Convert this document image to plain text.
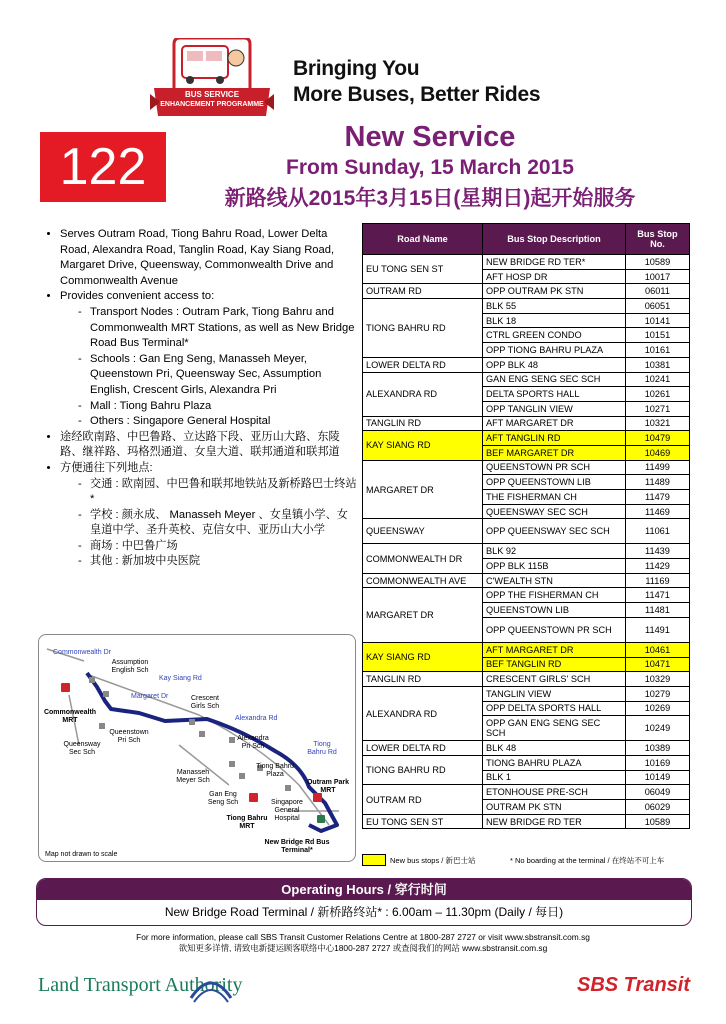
BUS SERVICE
ENHANCEMENT PROGRAMME
Bringing You
More Buses, Better Rides
122
New Service
From Sunday, 15 March 2015
新路线从2015年3月15日(星期日)起开始服务
• Serves Outram Road, Tiong Bahru Road, Lower Delta Road, Alexandra Road, Tanglin Road, Kay Siang Road, Margaret Drive, Queensway, Commonwealth Drive and Commonwealth Avenue
• Provides convenient access to:
- Transport Nodes : Outram Park, Tiong Bahru and Commonwealth MRT Stations, as well as New Bridge Road Bus Terminal*
- Schools : Gan Eng Seng, Manasseh Meyer, Queenstown Pri, Queensway Sec, Assumption English, Crescent Girls, Alexandra Pri
- Mall : Tiong Bahru Plaza
- Others : Singapore General Hospital
• 途经欧南路、中巴鲁路、立达路下段、亚历山大路、东陵路、继祥路、玛格烈通道、女皇大道、联邦通道和联邦道
• 方便通往下列地点:
- 交通 : 欧南园、中巴鲁和联邦地铁站及新桥路巴士终站*
- 学校 : 颜永成、 Manasseh Meyer 、女皇镇小学、女皇道中学、圣升英校、克信女中、亚历山大小学
- 商场 : 中巴鲁广场
- 其他 : 新加坡中央医院
Commonwealth Dr
Assumption English Sch
Kay Siang Rd
Commonwealth MRT
Margaret Dr	Crescent Girls Sch
Alexandra Rd
Queenstown Pri Sch	Alexandra Pri Sch
Queensway Sec Sch
Tiong Bahru Rd
Manasseh Meyer Sch
Tiong Bahru Plaza
Gan Eng Seng Sch
Outram Park MRT
Singapore General Hospital
Tiong Bahru MRT
New Bridge Rd Bus Terminal*
Map not drawn to scale
Road Name	Bus Stop Description	Bus Stop No.
EU TONG SEN ST	NEW BRIDGE RD TER*	10589
	AFT HOSP DR	10017
OUTRAM RD	OPP OUTRAM PK STN	06011
TIONG BAHRU RD	BLK 55	06051
	BLK 18	10141
	CTRL GREEN CONDO	10151
	OPP TIONG BAHRU PLAZA	10161
LOWER DELTA RD	OPP BLK 48	10381
ALEXANDRA RD	GAN ENG SENG SEC SCH	10241
	DELTA SPORTS HALL	10261
	OPP TANGLIN VIEW	10271
TANGLIN RD	AFT MARGARET DR	10321
KAY SIANG RD	AFT TANGLIN RD	10479
	BEF MARGARET DR	10469
MARGARET DR	QUEENSTOWN PR SCH	11499
	OPP QUEENSTOWN LIB	11489
	THE FISHERMAN CH	11479
	QUEENSWAY SEC SCH	11469
QUEENSWAY	OPP QUEENSWAY SEC SCH	11061
COMMONWEALTH DR	BLK 92	11439
	OPP BLK 115B	11429
COMMONWEALTH AVE	C'WEALTH STN	11169
MARGARET DR	OPP THE FISHERMAN CH	11471
	QUEENSTOWN LIB	11481
	OPP QUEENSTOWN PR SCH	11491
KAY SIANG RD	AFT MARGARET DR	10461
	BEF TANGLIN RD	10471
TANGLIN RD	CRESCENT GIRLS' SCH	10329
ALEXANDRA RD	TANGLIN VIEW	10279
	OPP DELTA SPORTS HALL	10269
	OPP GAN ENG SENG SEC SCH	10249
LOWER DELTA RD	BLK 48	10389
TIONG BAHRU RD	TIONG BAHRU PLAZA	10169
	BLK 1	10149
OUTRAM RD	ETONHOUSE PRE-SCH	06049
	OUTRAM PK STN	06029
EU TONG SEN ST	NEW BRIDGE RD TER	10589
New bus stops / 新巴士站	* No boarding at the terminal / 在终站不可上车
Operating Hours / 穿行时间
New Bridge Road Terminal / 新桥路终站* : 6.00am – 11.30pm (Daily / 每日)
For more information, please call SBS Transit Customer Relations Centre at 1800-287 2727 or visit www.sbstransit.com.sg
欲知更多详情, 请致电新捷运顾客联络中心1800-287 2727 或查阅我们的网站 www.sbstransit.com.sg
Land Transport Authority	SBS Transit
